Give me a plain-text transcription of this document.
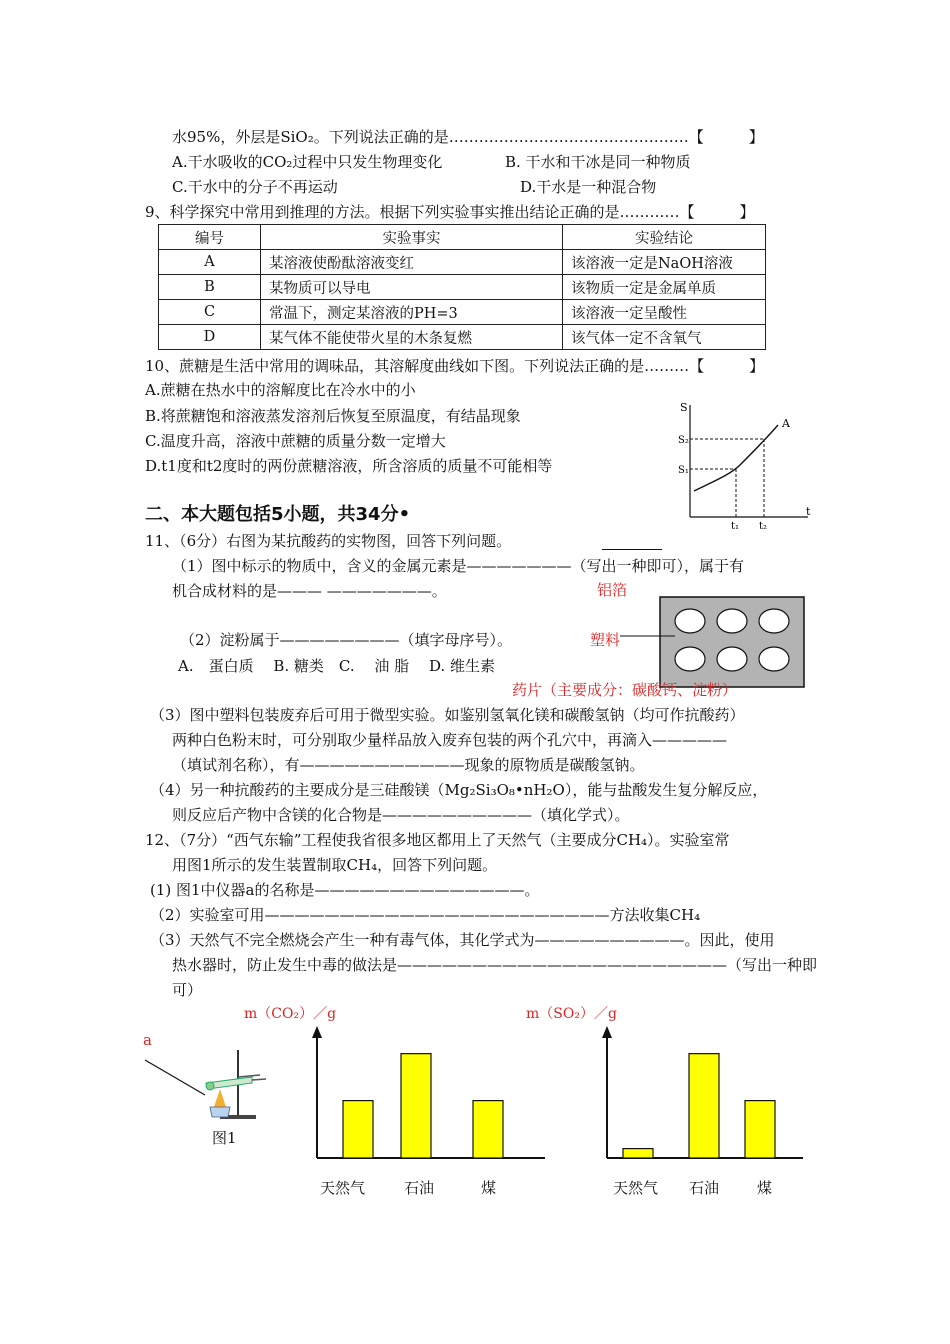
水95%，外层是SiO₂。下列说法正确的是…………………………………………【　　　】
A.干水吸收的CO₂过程中只发生物理变化	B. 干水和干冰是同一种物质
C.干水中的分子不再运动	D.干水是一种混合物
9、科学探究中常用到推理的方法。根据下列实验事实推出结论正确的是…………【　　　】
编号	实验事实	实验结论
A	某溶液使酚酞溶液变红	该溶液一定是NaOH溶液
B	某物质可以导电	该物质一定是金属单质
C	常温下，测定某溶液的PH=3	该溶液一定呈酸性
D	某气体不能使带火星的木条复燃	该气体一定不含氧气
10、蔗糖是生活中常用的调味品，其溶解度曲线如下图。下列说法正确的是………【　　　】
A.蔗糖在热水中的溶解度比在冷水中的小
B.将蔗糖饱和溶液蒸发溶剂后恢复至原温度，有结晶现象
C.温度升高，溶液中蔗糖的质量分数一定增大
D.t1度和t2度时的两份蔗糖溶液，所含溶质的质量不可能相等
S
t
S₂
S₁
A
t₁ t₂
二、本大题包括5小题，共34分•
11、（6分）右图为某抗酸药的实物图，回答下列问题。
（1）图中标示的物质中，含义的金属元素是———————（写出一种即可），属于有
机合成材料的是——— ———————。	铝箔
（2）淀粉属于————————（填字母序号）。	塑料
A.　蛋白质　 B. 糖类　C.　 油 脂　 D. 维生素
药片（主要成分：碳酸钙、淀粉）
（3）图中塑料包装废弃后可用于微型实验。如鉴别氢氧化镁和碳酸氢钠（均可作抗酸药）
两种白色粉末时，可分别取少量样品放入废弃包装的两个孔穴中，再滴入—————
（填试剂名称），有———————————现象的原物质是碳酸氢钠。
（4）另一种抗酸药的主要成分是三硅酸镁（Mg₂Si₃O₈•nH₂O），能与盐酸发生复分解反应，
则反应后产物中含镁的化合物是——————————（填化学式）。
12、（7分）“西气东输”工程使我省很多地区都用上了天然气（主要成分CH₄）。实验室常
用图1所示的发生装置制取CH₄，回答下列问题。
(1) 图1中仪器a的名称是——————————————。
（2）实验室可用———————————————————————方法收集CH₄
（3）天然气不完全燃烧会产生一种有毒气体，其化学式为——————————。因此，使用
热水器时，防止发生中毒的做法是——————————————————————（写出一种即
可）
a
图1
m（CO₂）／g
天然气	石油	煤
m（SO₂）／g
天然气 石油	煤
